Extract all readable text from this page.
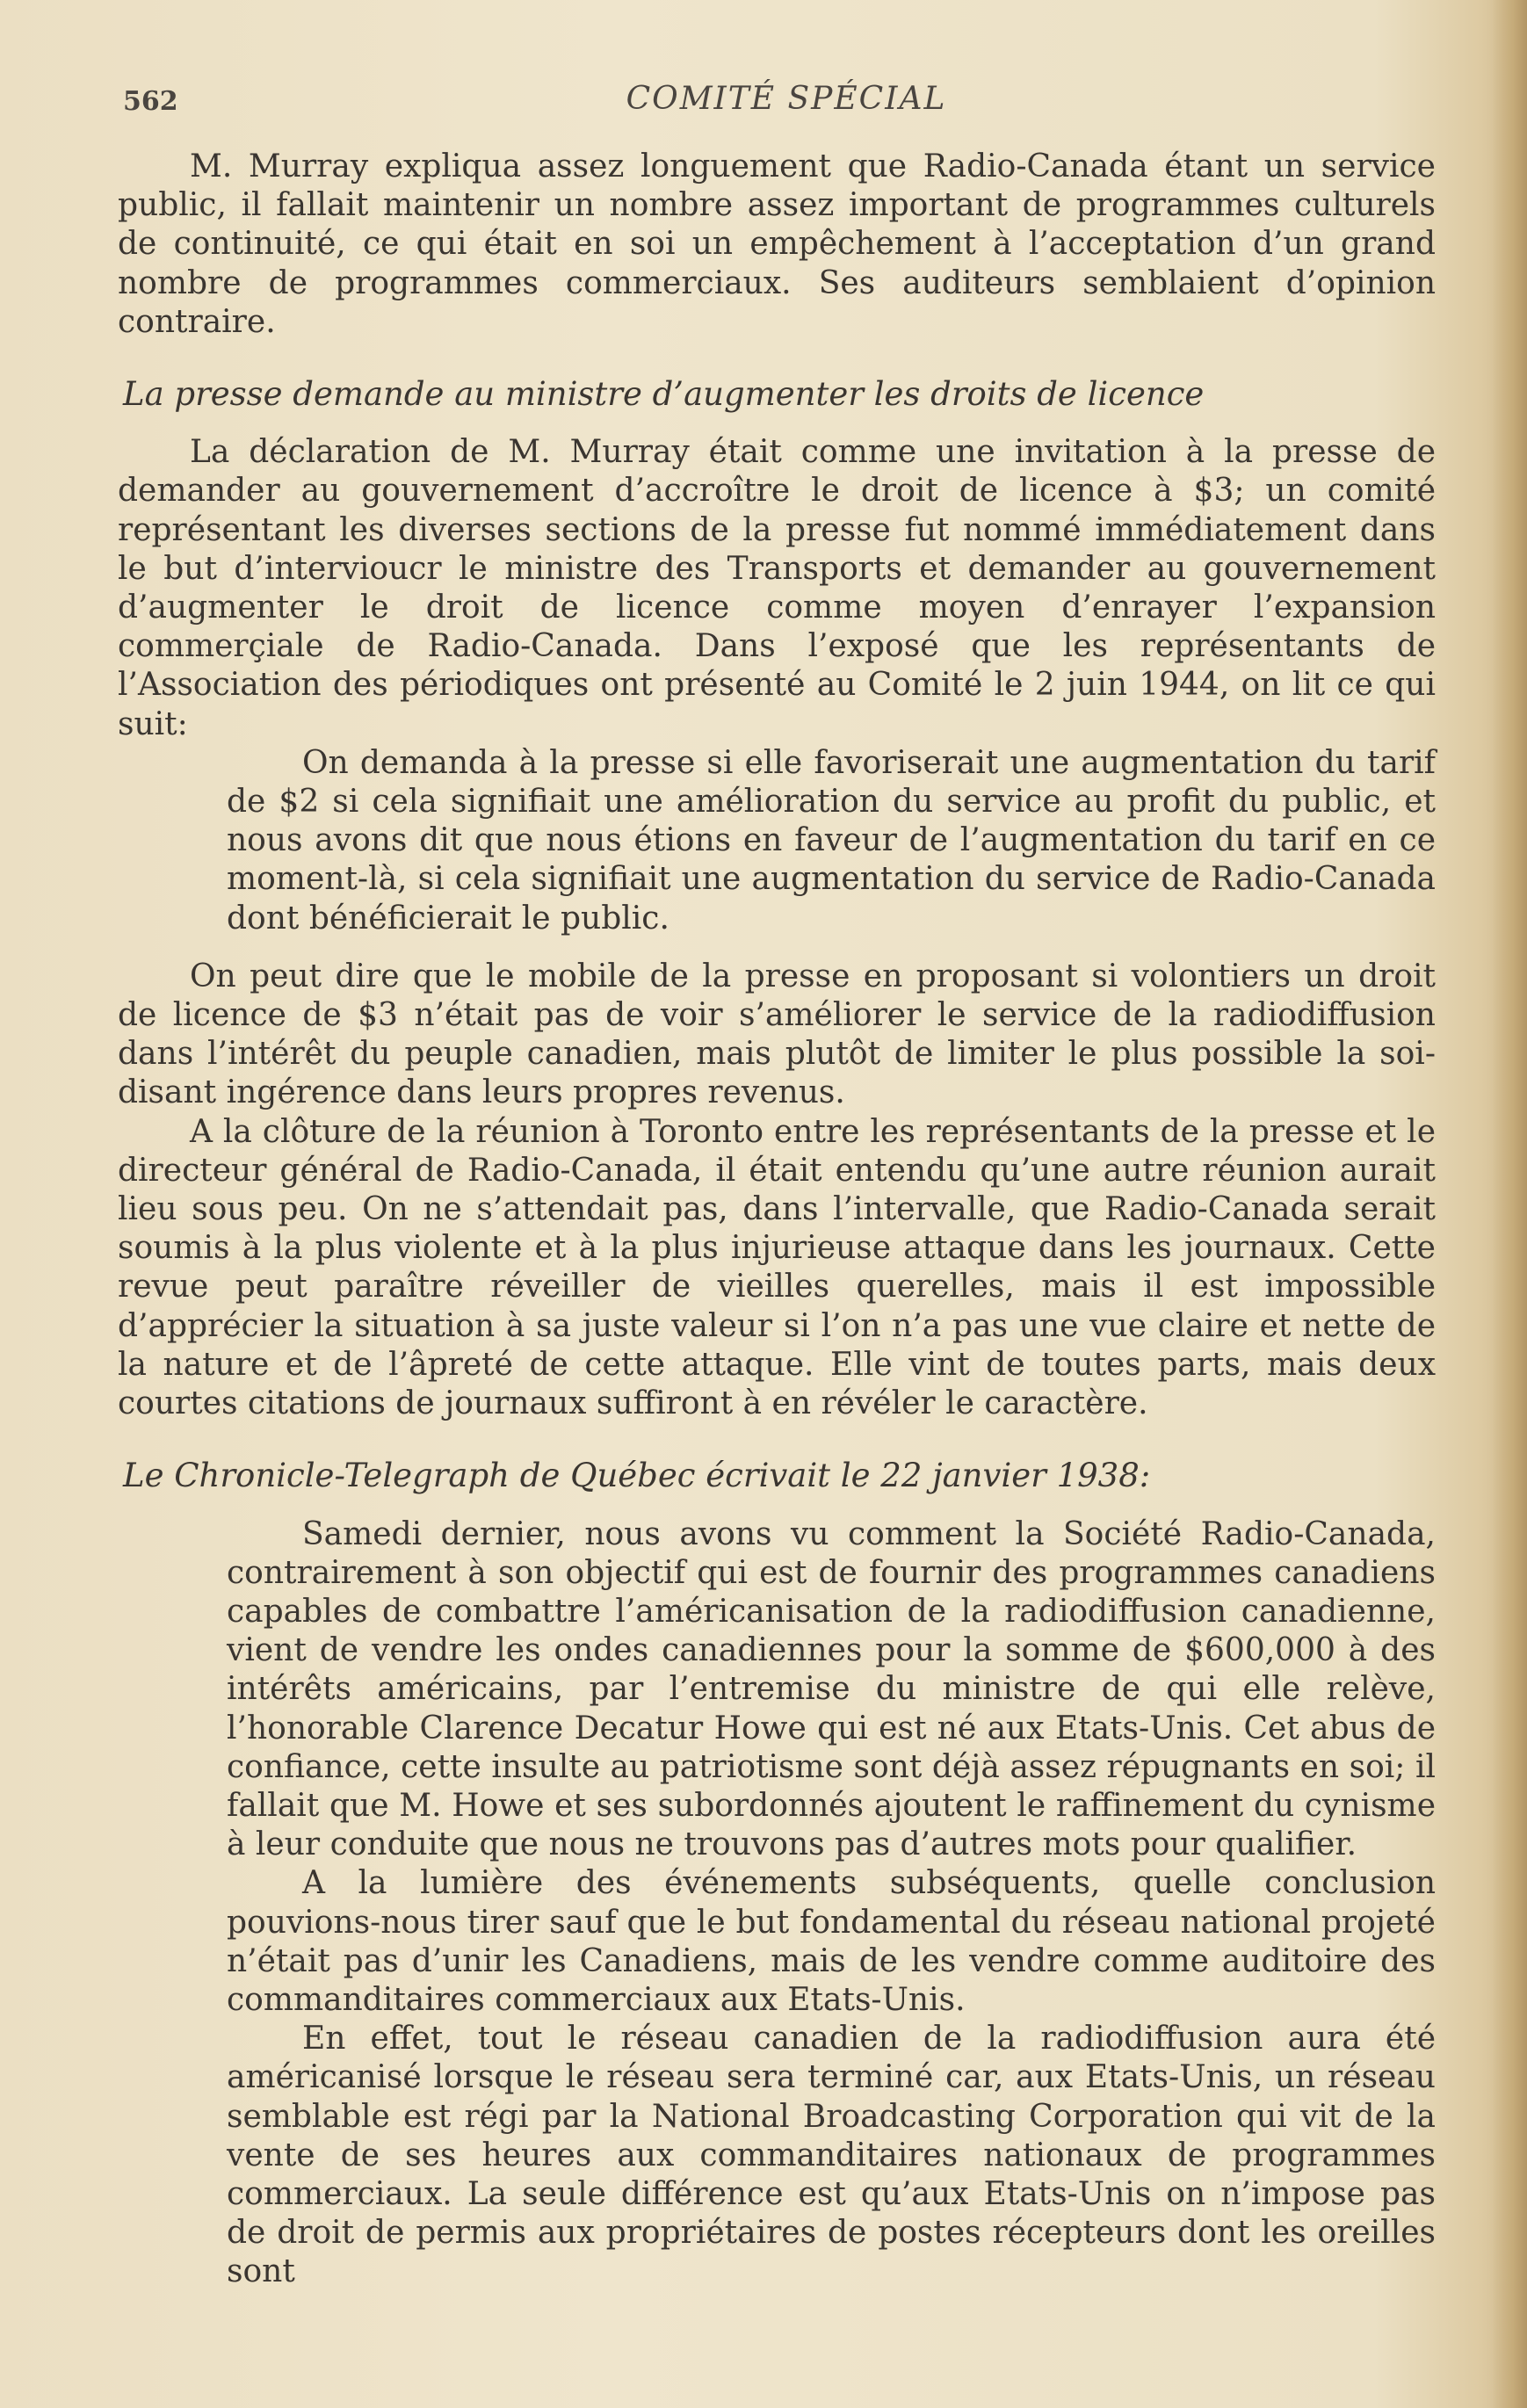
562	COMITÉ SPÉCIAL

M. Murray expliqua assez longuement que Radio-Canada étant un service public, il fallait maintenir un nombre assez important de programmes culturels de continuité, ce qui était en soi un empêchement à l’acceptation d’un grand nombre de programmes commerciaux. Ses auditeurs semblaient d’opinion contraire.

La presse demande au ministre d’augmenter les droits de licence

La déclaration de M. Murray était comme une invitation à la presse de demander au gouvernement d’accroître le droit de licence à $3; un comité représentant les diverses sections de la presse fut nommé immédiatement dans le but d’intervioucr le ministre des Transports et demander au gouvernement d’augmenter le droit de licence comme moyen d’enrayer l’expansion commerçiale de Radio-Canada. Dans l’exposé que les représentants de l’Association des périodiques ont présenté au Comité le 2 juin 1944, on lit ce qui suit:

On demanda à la presse si elle favoriserait une augmentation du tarif de $2 si cela signifiait une amélioration du service au profit du public, et nous avons dit que nous étions en faveur de l’augmentation du tarif en ce moment-là, si cela signifiait une augmentation du service de Radio-Canada dont bénéficierait le public.

On peut dire que le mobile de la presse en proposant si volontiers un droit de licence de $3 n’était pas de voir s’améliorer le service de la radiodiffusion dans l’intérêt du peuple canadien, mais plutôt de limiter le plus possible la soi-disant ingérence dans leurs propres revenus.

A la clôture de la réunion à Toronto entre les représentants de la presse et le directeur général de Radio-Canada, il était entendu qu’une autre réunion aurait lieu sous peu. On ne s’attendait pas, dans l’intervalle, que Radio-Canada serait soumis à la plus violente et à la plus injurieuse attaque dans les journaux. Cette revue peut paraître réveiller de vieilles querelles, mais il est impossible d’apprécier la situation à sa juste valeur si l’on n’a pas une vue claire et nette de la nature et de l’âpreté de cette attaque. Elle vint de toutes parts, mais deux courtes citations de journaux suffiront à en révéler le caractère.

Le Chronicle-Telegraph de Québec écrivait le 22 janvier 1938:

Samedi dernier, nous avons vu comment la Société Radio-Canada, contrairement à son objectif qui est de fournir des programmes canadiens capables de combattre l’américanisation de la radiodiffusion canadienne, vient de vendre les ondes canadiennes pour la somme de $600,000 à des intérêts américains, par l’entremise du ministre de qui elle relève, l’honorable Clarence Decatur Howe qui est né aux Etats-Unis. Cet abus de confiance, cette insulte au patriotisme sont déjà assez répugnants en soi; il fallait que M. Howe et ses subordonnés ajoutent le raffinement du cynisme à leur conduite que nous ne trouvons pas d’autres mots pour qualifier.

A la lumière des événements subséquents, quelle conclusion pouvions-nous tirer sauf que le but fondamental du réseau national projeté n’était pas d’unir les Canadiens, mais de les vendre comme auditoire des commanditaires commerciaux aux Etats-Unis.

En effet, tout le réseau canadien de la radiodiffusion aura été américanisé lorsque le réseau sera terminé car, aux Etats-Unis, un réseau semblable est régi par la National Broadcasting Corporation qui vit de la vente de ses heures aux commanditaires nationaux de programmes commerciaux. La seule différence est qu’aux Etats-Unis on n’impose pas de droit de permis aux propriétaires de postes récepteurs dont les oreilles sont
